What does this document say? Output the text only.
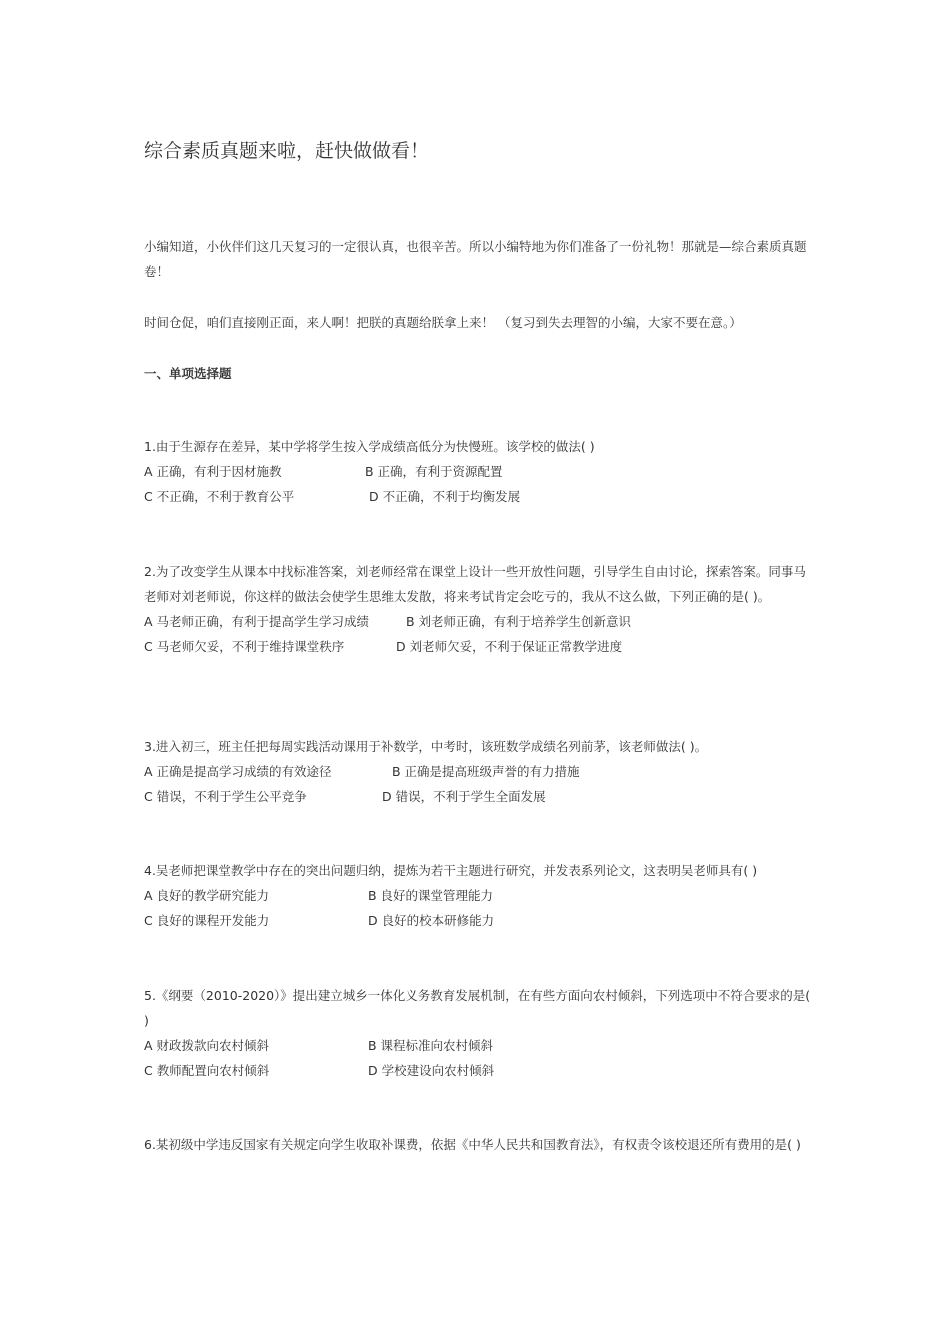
综合素质真题来啦，赶快做做看！
小编知道，小伙伴们这几天复习的一定很认真，也很辛苦。所以小编特地为你们准备了一份礼物！那就是—综合素质真题卷！
时间仓促，咱们直接刚正面，来人啊！把朕的真题给朕拿上来！ （复习到失去理智的小编，大家不要在意。）
一、单项选择题
1.由于生源存在差异，某中学将学生按入学成绩高低分为快慢班。该学校的做法( )
A 正确，有利于因材施教	B 正确，有利于资源配置
C 不正确，不利于教育公平	D 不正确，不利于均衡发展
2.为了改变学生从课本中找标准答案，刘老师经常在课堂上设计一些开放性问题，引导学生自由讨论，探索答案。同事马老师对刘老师说，你这样的做法会使学生思维太发散，将来考试肯定会吃亏的，我从不这么做，下列正确的是( )。
A 马老师正确，有利于提高学生学习成绩	B 刘老师正确，有利于培养学生创新意识
C 马老师欠妥，不利于维持课堂秩序	D 刘老师欠妥，不利于保证正常教学进度
3.进入初三，班主任把每周实践活动课用于补数学，中考时，该班数学成绩名列前茅，该老师做法( )。
A 正确是提高学习成绩的有效途径	B 正确是提高班级声誉的有力措施
C 错误，不利于学生公平竞争	D 错误，不利于学生全面发展
4.吴老师把课堂教学中存在的突出问题归纳，提炼为若干主题进行研究，并发表系列论文，这表明吴老师具有( )
A 良好的教学研究能力	B 良好的课堂管理能力
C 良好的课程开发能力	D 良好的校本研修能力
5.《纲要（2010-2020）》提出建立城乡一体化义务教育发展机制，在有些方面向农村倾斜，下列选项中不符合要求的是( )
A 财政拨款向农村倾斜	B 课程标准向农村倾斜
C 教师配置向农村倾斜	D 学校建设向农村倾斜
6.某初级中学违反国家有关规定向学生收取补课费，依据《中华人民共和国教育法》，有权责令该校退还所有费用的是( )
